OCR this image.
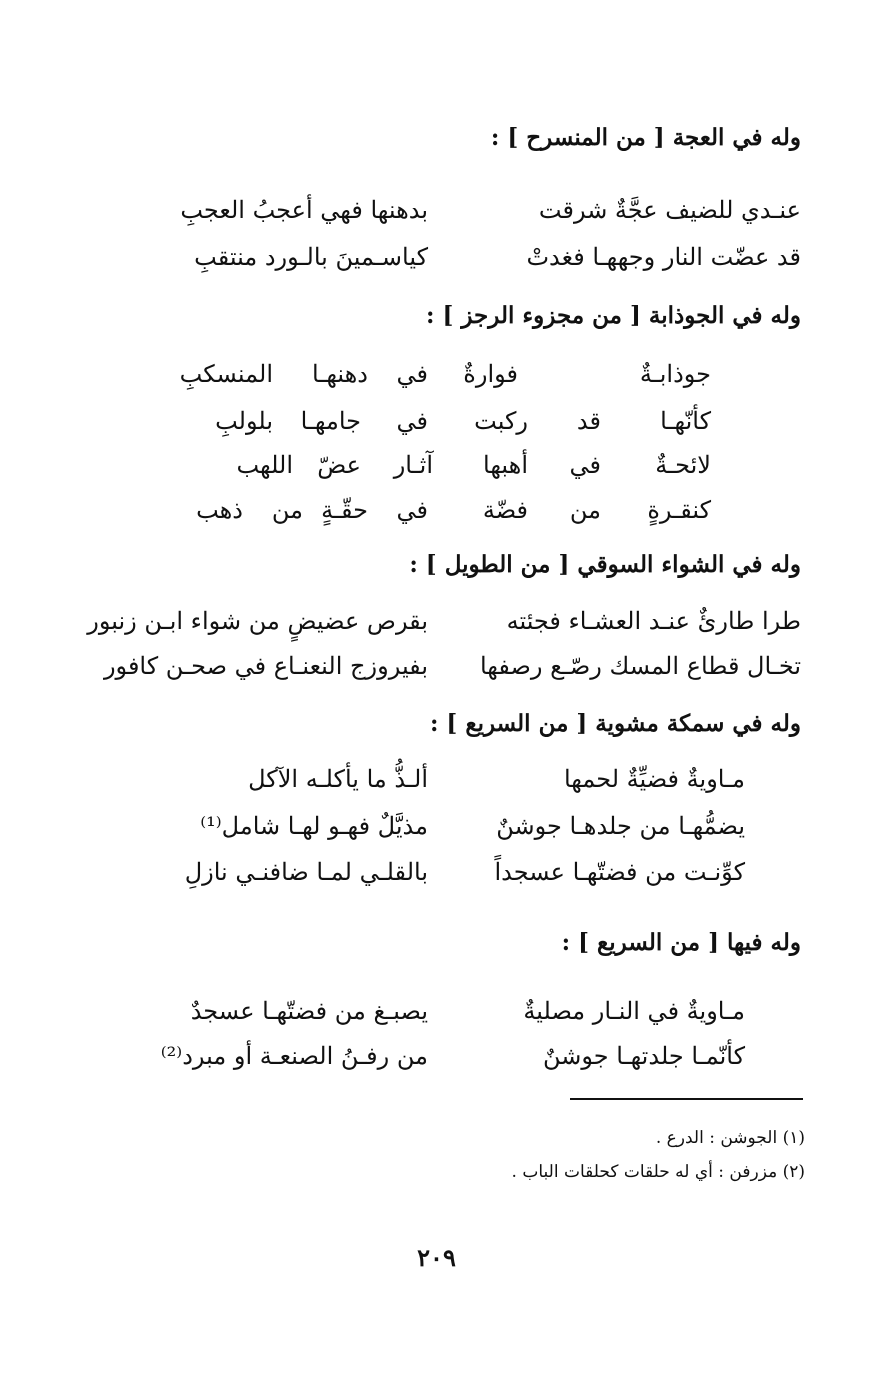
وله في العجة [ من المنسرح ] :
عنـدي للضيف عجَّةٌ شرقت
بدهنها فهي أعجبُ العجبِ
قد عضّت النار وجههـا فغدتْ
كياسـمينَ بالـورد منتقبِ
وله في الجوذابة [ من مجزوء الرجز ] :
جوذابـةٌ
فوارةٌ
في
دهنهـا
المنسكبِ
كأنّهـا
قد
ركبت
في
جامهـا
بلولبِ
لائحـةٌ
في
أهبها
آثـار
عضّ
اللهب
كنقـرةٍ
من
فضّة
في
حقّـةٍ
من
ذهب
وله في الشواء السوقي [ من الطويل ] :
طرا طارئٌ عنـد العشـاء فجئته
بقرص عضيضٍ من شواء ابـن زنبور
تخـال قطاع المسك رصّـع رصفها
بفيروزج النعنـاع في صحـن كافور
وله في سمكة مشوية [ من السريع ] :
مـاويةٌ فضيِّةٌ لحمها
ألـذُّ ما يأكلـه الآكل
يضمُّهـا من جلدهـا جوشنٌ
مذيَّلٌ فهـو لهـا شامل⁽¹⁾
كوِّنـت من فضتّهـا عسجداً
بالقلـي لمـا ضافنـي نازلِ
وله فيها [ من السريع ] :
مـاويةٌ في النـار مصليةٌ
يصبـغ من فضتّهـا عسجدٌ
كأنّمـا جلدتهـا جوشنٌ
من رفـنُ الصنعـة أو مبرد⁽²⁾
(١) الجوشن : الدرع .
(٢) مزرفن : أي له حلقات كحلقات الباب .
٢٠٩
